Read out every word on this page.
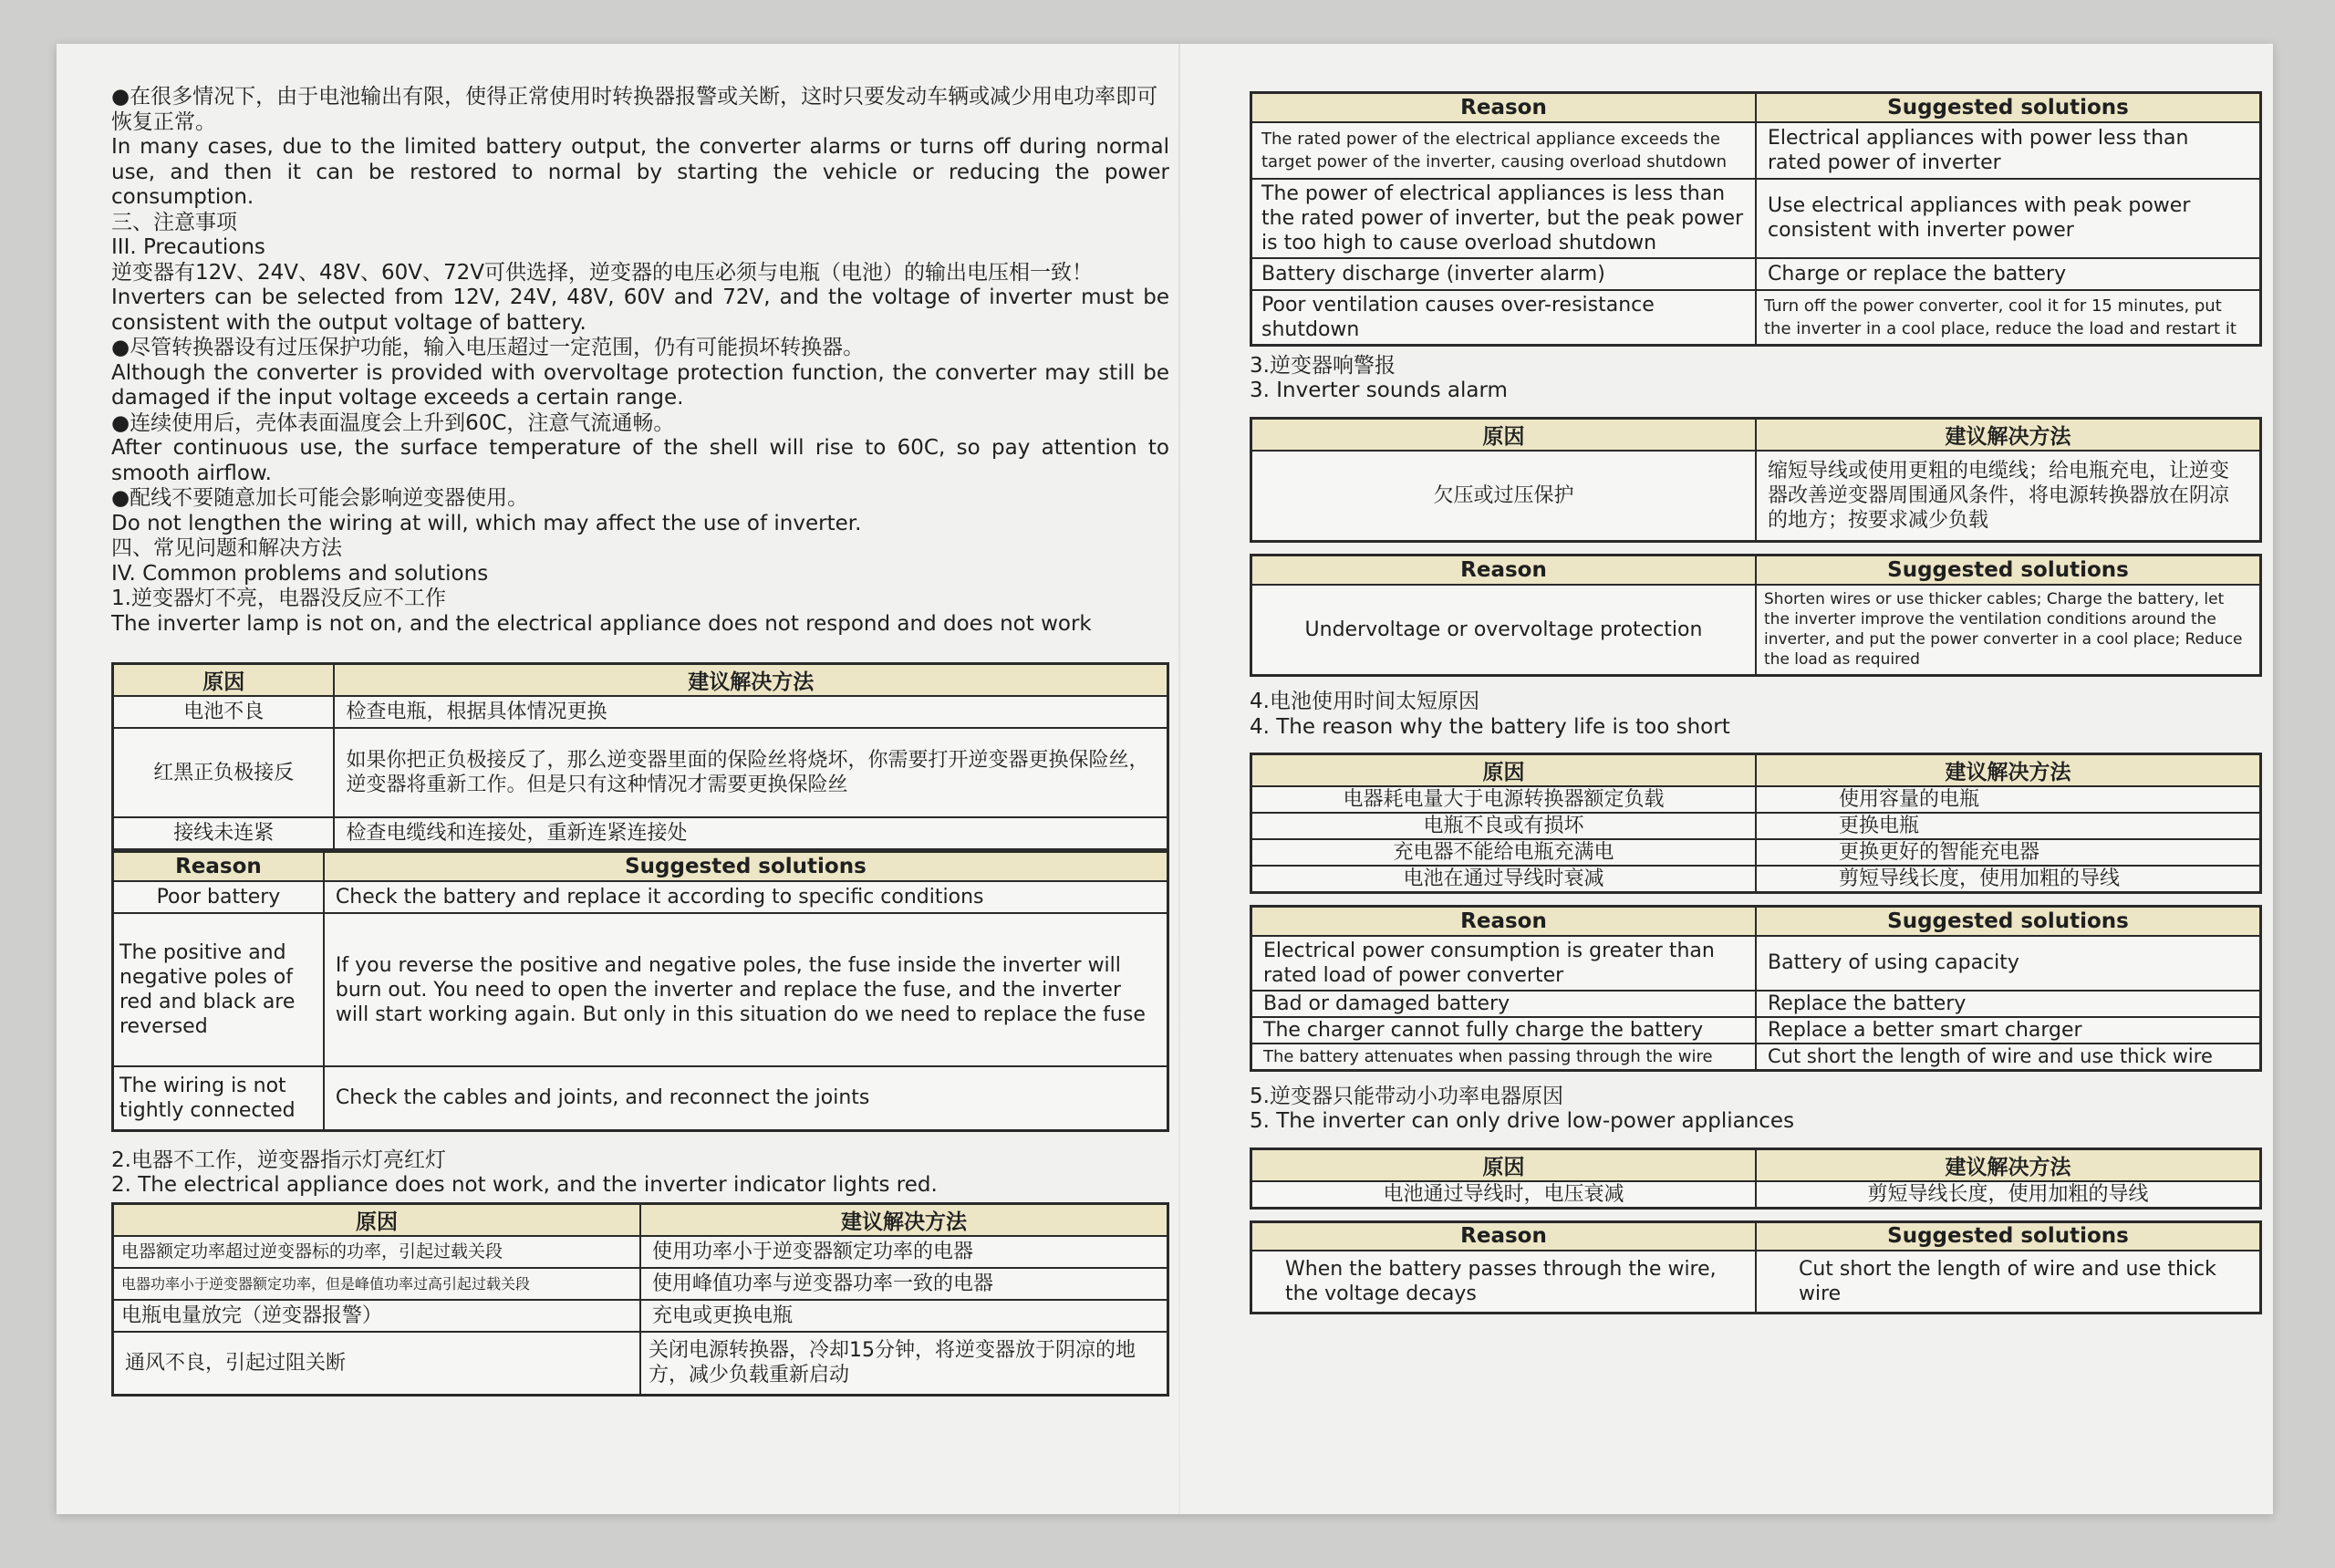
●在很多情况下，由于电池输出有限，使得正常使用时转换器报警或关断，这时只要发动车辆或减少用电功率即可恢复正常。
In many cases, due to the limited battery output, the converter alarms or turns off during normal use, and then it can be restored to normal by starting the vehicle or reducing the power consumption.
三、注意事项
III. Precautions
逆变器有12V、24V、48V、60V、72V可供选择，逆变器的电压必须与电瓶（电池）的输出电压相一致！
Inverters can be selected from 12V, 24V, 48V, 60V and 72V, and the voltage of inverter must be consistent with the output voltage of battery.
●尽管转换器设有过压保护功能，输入电压超过一定范围，仍有可能损坏转换器。
Although the converter is provided with overvoltage protection function, the converter may still be damaged if the input voltage exceeds a certain range.
●连续使用后，壳体表面温度会上升到60C，注意气流通畅。
After continuous use, the surface temperature of the shell will rise to 60C, so pay attention to smooth airflow.
●配线不要随意加长可能会影响逆变器使用。
Do not lengthen the wiring at will, which may affect the use of inverter.
四、常见问题和解决方法
IV. Common problems and solutions
1.逆变器灯不亮，电器没反应不工作
The inverter lamp is not on, and the electrical appliance does not respond and does not work
原因	建议解决方法
电池不良	检查电瓶，根据具体情况更换
红黑正负极接反	如果你把正负极接反了，那么逆变器里面的保险丝将烧坏，你需要打开逆变器更换保险丝，逆变器将重新工作。但是只有这种情况才需要更换保险丝
接线未连紧	检查电缆线和连接处，重新连紧连接处
Reason	Suggested solutions
Poor battery	Check the battery and replace it according to specific conditions
The positive and negative poles of red and black are reversed	If you reverse the positive and negative poles, the fuse inside the inverter will burn out. You need to open the inverter and replace the fuse, and the inverter will start working again. But only in this situation do we need to replace the fuse
The wiring is not tightly connected	Check the cables and joints, and reconnect the joints
2.电器不工作，逆变器指示灯亮红灯
2. The electrical appliance does not work, and the inverter indicator lights red.
原因	建议解决方法
电器额定功率超过逆变器标的功率，引起过载关段	使用功率小于逆变器额定功率的电器
电器功率小于逆变器额定功率，但是峰值功率过高引起过载关段	使用峰值功率与逆变器功率一致的电器
电瓶电量放完（逆变器报警）	充电或更换电瓶
通风不良，引起过阻关断	关闭电源转换器，冷却15分钟，将逆变器放于阴凉的地方，减少负载重新启动
Reason	Suggested solutions
The rated power of the electrical appliance exceeds the target power of the inverter, causing overload shutdown	Electrical appliances with power less than rated power of inverter
The power of electrical appliances is less than the rated power of inverter, but the peak power is too high to cause overload shutdown	Use electrical appliances with peak power consistent with inverter power
Battery discharge (inverter alarm)	Charge or replace the battery
Poor ventilation causes over-resistance shutdown	Turn off the power converter, cool it for 15 minutes, put the inverter in a cool place, reduce the load and restart it
3.逆变器响警报
3. Inverter sounds alarm
原因	建议解决方法
欠压或过压保护	缩短导线或使用更粗的电缆线；给电瓶充电，让逆变器改善逆变器周围通风条件，将电源转换器放在阴凉的地方；按要求减少负载
Reason	Suggested solutions
Undervoltage or overvoltage protection	Shorten wires or use thicker cables; Charge the battery, let the inverter improve the ventilation conditions around the inverter, and put the power converter in a cool place; Reduce the load as required
4.电池使用时间太短原因
4. The reason why the battery life is too short
原因	建议解决方法
电器耗电量大于电源转换器额定负载	使用容量的电瓶
电瓶不良或有损坏	更换电瓶
充电器不能给电瓶充满电	更换更好的智能充电器
电池在通过导线时衰减	剪短导线长度，使用加粗的导线
Reason	Suggested solutions
Electrical power consumption is greater than rated load of power converter	Battery of using capacity
Bad or damaged battery	Replace the battery
The charger cannot fully charge the battery	Replace a better smart charger
The battery attenuates when passing through the wire	Cut short the length of wire and use thick wire
5.逆变器只能带动小功率电器原因
5. The inverter can only drive low-power appliances
原因	建议解决方法
电池通过导线时，电压衰减	剪短导线长度，使用加粗的导线
Reason	Suggested solutions
When the battery passes through the wire, the voltage decays	Cut short the length of wire and use thick wire
